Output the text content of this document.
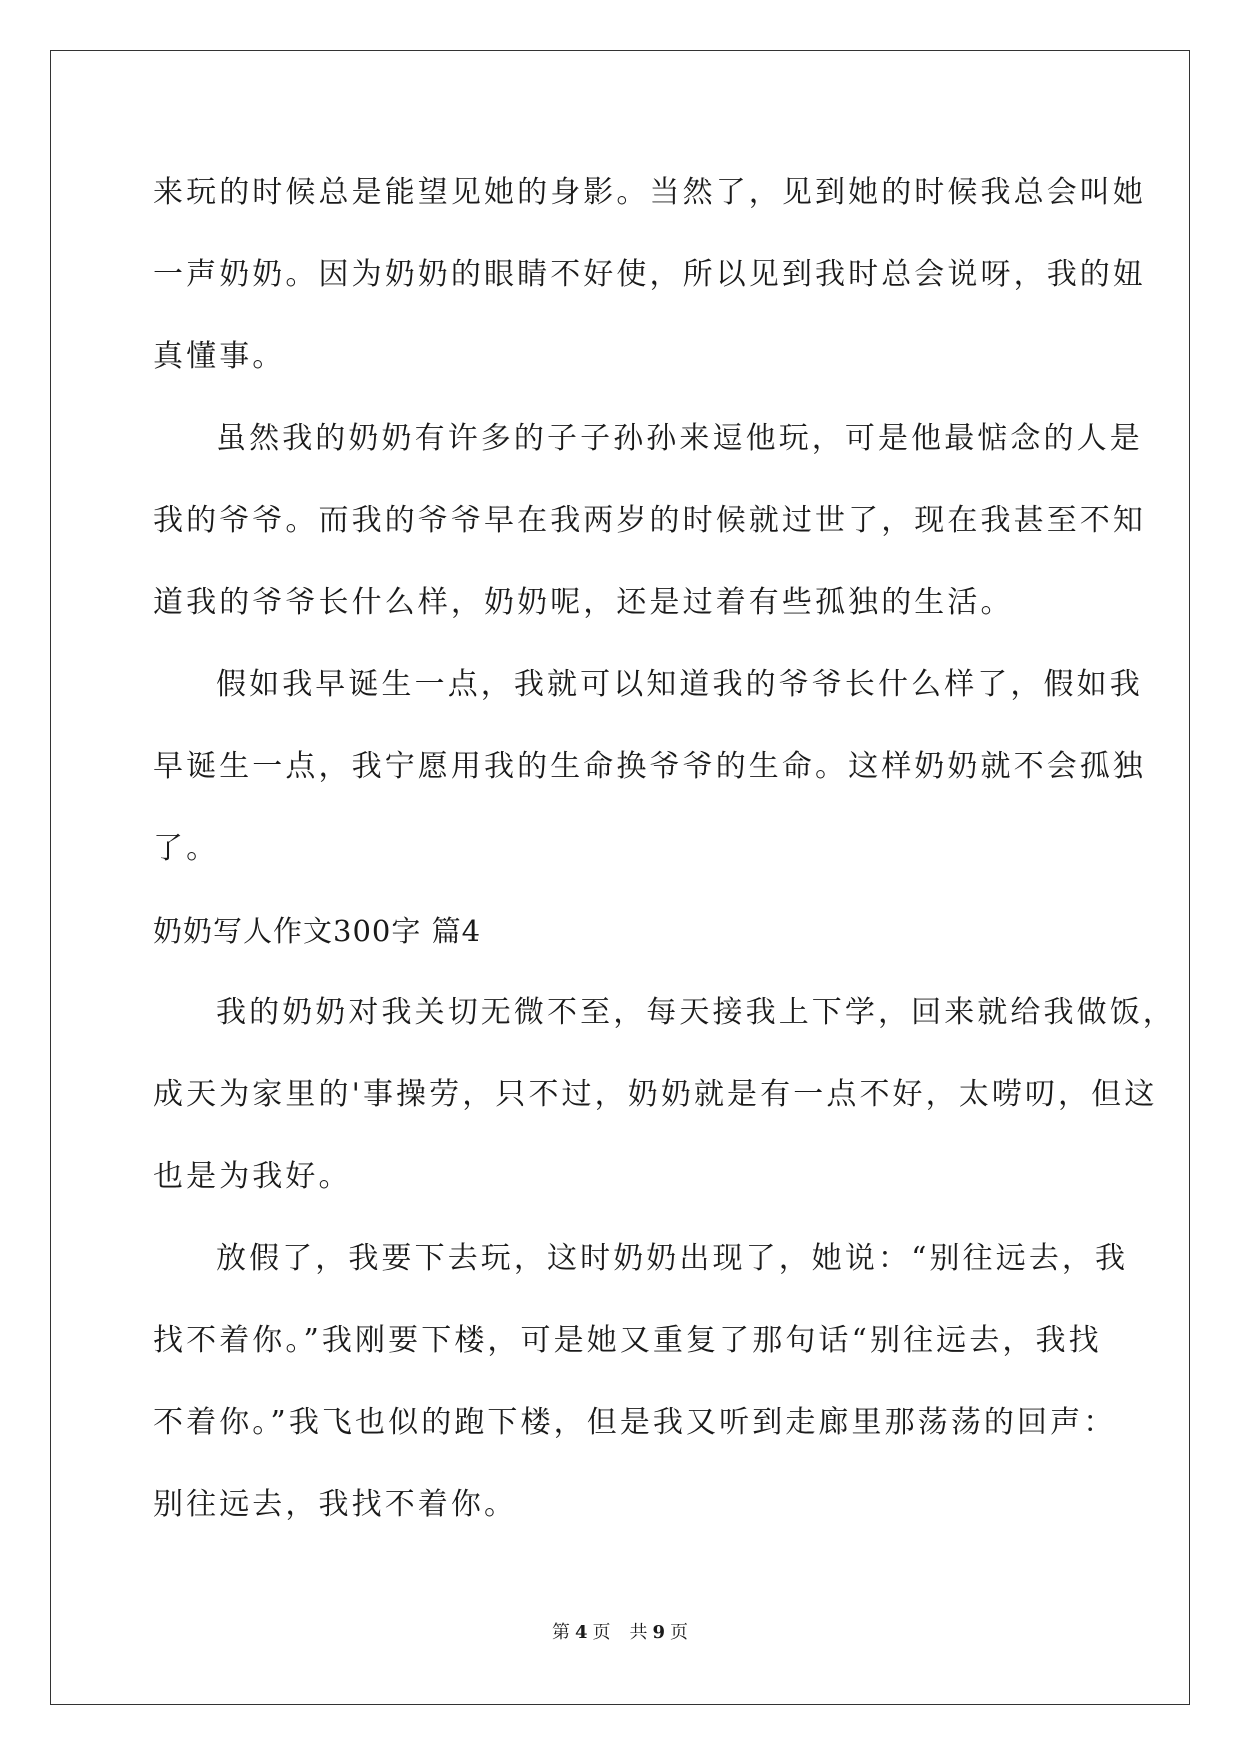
来玩的时候总是能望见她的身影。当然了，见到她的时候我总会叫她
一声奶奶。因为奶奶的眼睛不好使，所以见到我时总会说呀，我的妞
真懂事。
虽然我的奶奶有许多的子子孙孙来逗他玩，可是他最惦念的人是
我的爷爷。而我的爷爷早在我两岁的时候就过世了，现在我甚至不知
道我的爷爷长什么样，奶奶呢，还是过着有些孤独的生活。
假如我早诞生一点，我就可以知道我的爷爷长什么样了，假如我
早诞生一点，我宁愿用我的生命换爷爷的生命。这样奶奶就不会孤独
了。
奶奶写人作文300字 篇4
我的奶奶对我关切无微不至，每天接我上下学，回来就给我做饭，
成天为家里的'事操劳，只不过，奶奶就是有一点不好，太唠叨，但这
也是为我好。
放假了，我要下去玩，这时奶奶出现了，她说：“别往远去，我
找不着你。”我刚要下楼，可是她又重复了那句话“别往远去，我找
不着你。”我飞也似的跑下楼，但是我又听到走廊里那荡荡的回声：
别往远去，我找不着你。
第 4 页 共 9 页
